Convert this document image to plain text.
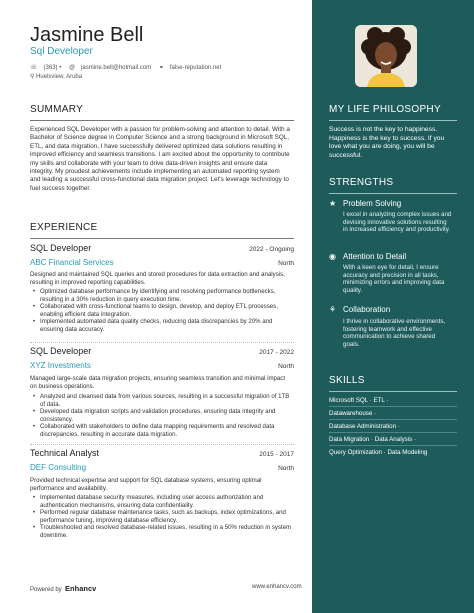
Jasmine Bell
Sql Developer
☏ (363) • @ jasmine.bell@hotmail.com ⚭ false-reputation.net
⚲ Huelsview, Aruba
SUMMARY
Experienced SQL Developer with a passion for problem-solving and attention to detail. With a Bachelor of Science degree in Computer Science and a strong background in Microsoft SQL, ETL, and data migration, I have successfully delivered optimized data solutions resulting in improved efficiency and seamless transitions. I am excited about the opportunity to contribute my skills and collaborate with your team to drive data-driven insights and ensure data integrity. My proudest achievements include implementing an automated reporting system and leading a successful cross-functional data migration project. Let's leverage technology to fuel success together.
EXPERIENCE
SQL Developer	2022 - Ongoing
ABC Financial Services	North
Designed and maintained SQL queries and stored procedures for data extraction and analysis, resulting in improved reporting capabilities.
• Optimized database performance by identifying and resolving performance bottlenecks, resulting in a 30% reduction in query execution time.
• Collaborated with cross-functional teams to design, develop, and deploy ETL processes, enabling efficient data integration.
• Implemented automated data quality checks, reducing data discrepancies by 20% and ensuring data accuracy.
SQL Developer	2017 - 2022
XYZ Investments	North
Managed large-scale data migration projects, ensuring seamless transition and minimal impact on business operations.
• Analyzed and cleansed data from various sources, resulting in a successful migration of 1TB of data.
• Developed data migration scripts and validation procedures, ensuring data integrity and consistency.
• Collaborated with stakeholders to define data mapping requirements and resolved data discrepancies, resulting in accurate data migration.
Technical Analyst	2015 - 2017
DEF Consulting	North
Provided technical expertise and support for SQL database systems, ensuring optimal performance and availability.
• Implemented database security measures, including user access authorization and authentication mechanisms, ensuring data confidentiality.
• Performed regular database maintenance tasks, such as backups, index optimizations, and performance tuning, improving database efficiency.
• Troubleshooted and resolved database-related issues, resulting in a 50% reduction in system downtime.
Powered by Enhancv	www.enhancv.com
MY LIFE PHILOSOPHY
Success is not the key to happiness. Happiness is the key to success. If you love what you are doing, you will be successful.
STRENGTHS
★ Problem Solving
I excel in analyzing complex issues and devising innovative solutions resulting in increased efficiency and productivity.
◉ Attention to Detail
With a keen eye for detail, I ensure accuracy and precision in all tasks, minimizing errors and improving data quality.
⚘ Collaboration
I thrive in collaborative environments, fostering teamwork and effective communication to achieve shared goals.
SKILLS
Microsoft SQL · ETL ·
Datawarehouse ·
Database Administration ·
Data Migration · Data Analysis ·
Query Optimization · Data Modeling
